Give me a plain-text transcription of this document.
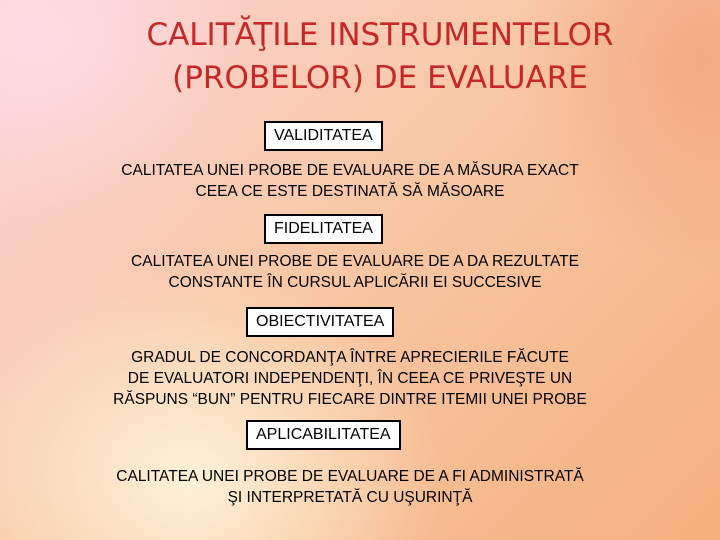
CALITĂŢILE INSTRUMENTELOR
(PROBELOR) DE EVALUARE
VALIDITATEA
CALITATEA UNEI PROBE DE EVALUARE DE A MĂSURA EXACT
CEEA CE ESTE DESTINATĂ SĂ MĂSOARE
FIDELITATEA
CALITATEA UNEI PROBE DE EVALUARE DE A DA REZULTATE
CONSTANTE ÎN CURSUL APLICĂRII EI SUCCESIVE
OBIECTIVITATEA
GRADUL DE CONCORDANŢA ÎNTRE APRECIERILE FĂCUTE
DE EVALUATORI INDEPENDENŢI, ÎN CEEA CE PRIVEŞTE UN
RĂSPUNS “BUN” PENTRU FIECARE DINTRE ITEMII UNEI PROBE
APLICABILITATEA
CALITATEA UNEI PROBE DE EVALUARE DE A FI ADMINISTRATĂ
ŞI INTERPRETATĂ CU UŞURINŢĂ
